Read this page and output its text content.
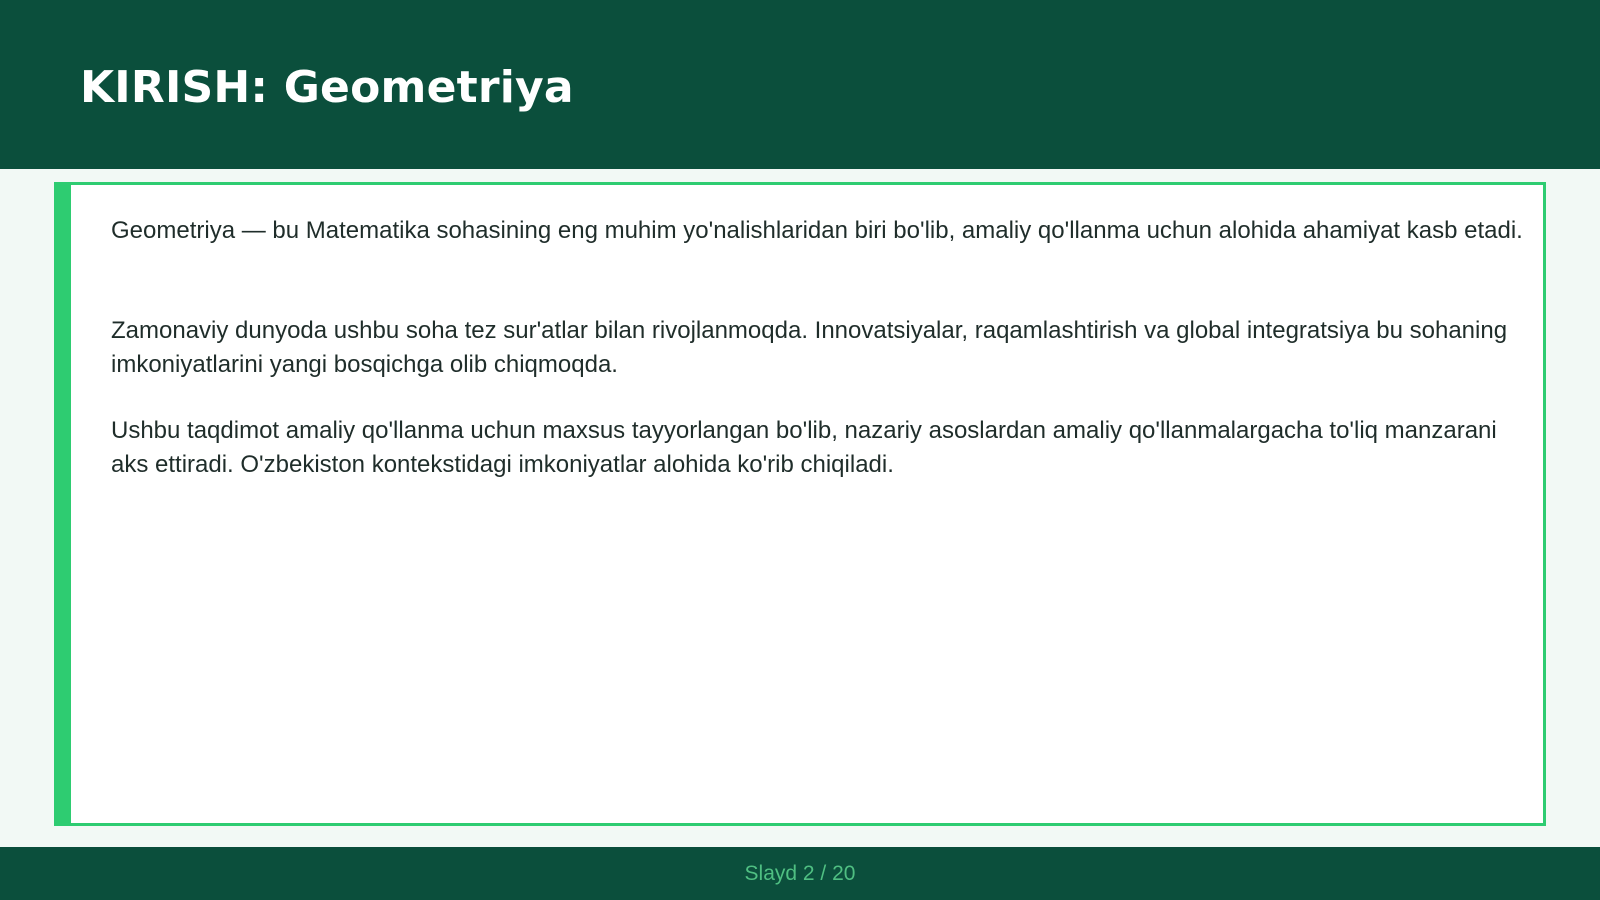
KIRISH: Geometriya

Geometriya — bu Matematika sohasining eng muhim yo'nalishlaridan biri bo'lib, amaliy qo'llanma uchun alohida ahamiyat kasb etadi.

Zamonaviy dunyoda ushbu soha tez sur'atlar bilan rivojlanmoqda. Innovatsiyalar, raqamlashtirish va global integratsiya bu sohaning imkoniyatlarini yangi bosqichga olib chiqmoqda.

Ushbu taqdimot amaliy qo'llanma uchun maxsus tayyorlangan bo'lib, nazariy asoslardan amaliy qo'llanmalargacha to'liq manzarani aks ettiradi. O'zbekiston kontekstidagi imkoniyatlar alohida ko'rib chiqiladi.

Slayd 2 / 20
